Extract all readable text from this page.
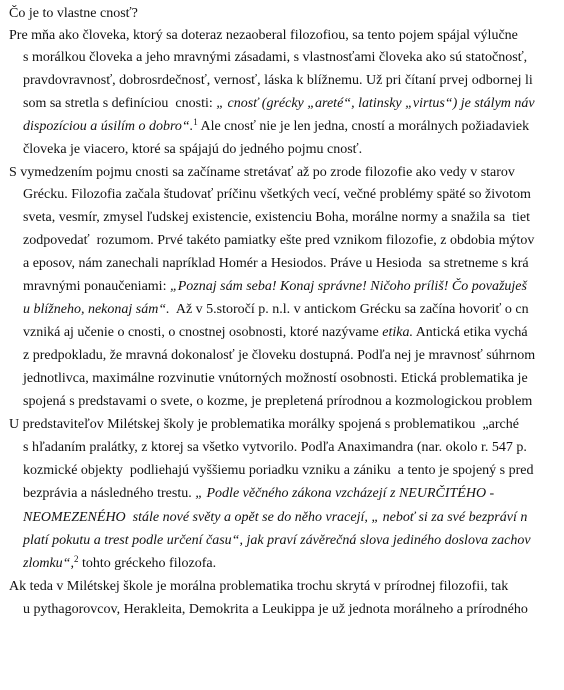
Čo je to vlastne cnosť?
Pre mňa ako človeka, ktorý sa doteraz nezaoberal filozofiou, sa tento pojem spájal výlučne
s morálkou človeka a jeho mravnými zásadami, s vlastnosťami človeka ako sú statočnosť,
pravdovravnosť, dobrosrdečnosť, vernosť, láska k blížnemu. Už pri čítaní prvej odbornej li
som sa stretla s definíciou  cnosti: „ cnosť (grécky „areté“, latinsky „virtus“) je stálym náv
dispozíciou a úsilím o dobro“.$^1$ Ale cnosť nie je len jedna, cností a morálnych požiadaviek
človeka je viacero, ktoré sa spájajú do jedného pojmu cnosť.
S vymedzením pojmu cnosti sa začíname stretávať až po zrode filozofie ako vedy v starov
Grécku. Filozofia začala študovať príčinu všetkých vecí, večné problémy späté so životom
sveta, vesmír, zmysel ľudskej existencie, existenciu Boha, morálne normy a snažila sa  tiet
zodpovedať  rozumom. Prvé takéto pamiatky ešte pred vznikom filozofie, z obdobia mýtov
a eposov, nám zanechali napríklad Homér a Hesiodos. Práve u Hesioda  sa stretneme s krá
mravnými ponaučeniami: „Poznaj sám seba! Konaj správne! Ničoho príliš! Čo považuješ
u blížneho, nekonaj sám“.  Až v 5.storočí p. n.l. v antickom Grécku sa začína hovoriť o cn
vzniká aj učenie o cnosti, o cnostnej osobnosti, ktoré nazývame etika. Antická etika vychá
z predpokladu, že mravná dokonalosť je človeku dostupná. Podľa nej je mravnosť súhrnom
jednotlivca, maximálne rozvinutie vnútorných možností osobnosti. Etická problematika je
spojená s predstavami o svete, o kozme, je prepletená prírodnou a kozmologickou problem
U predstaviteľov Milétskej školy je problematika morálky spojená s problematikou  „arché
s hľadaním pralátky, z ktorej sa všetko vytvorilo. Podľa Anaximandra (nar. okolo r. 547 p.
kozmické objekty  podliehajú vyššiemu poriadku vzniku a zániku  a tento je spojený s pred
bezprávia a následného trestu. „ Podle věčného zákona vzcházejí z NEURČITÉHO -
NEOMEZENÉHO  stále nové světy a opět se do něho vracejí, „ neboť si za své bezpráví n
platí pokutu a trest podle určení času“, jak praví závěrečná slova jediného doslova zachov
zlomku“,$^2$ tohto gréckeho filozofa.
Ak teda v Milétskej škole je morálna problematika trochu skrytá v prírodnej filozofii, tak
u pythagorovcov, Herakleita, Demokrita a Leukippa je už jednota morálneho a prírodného
